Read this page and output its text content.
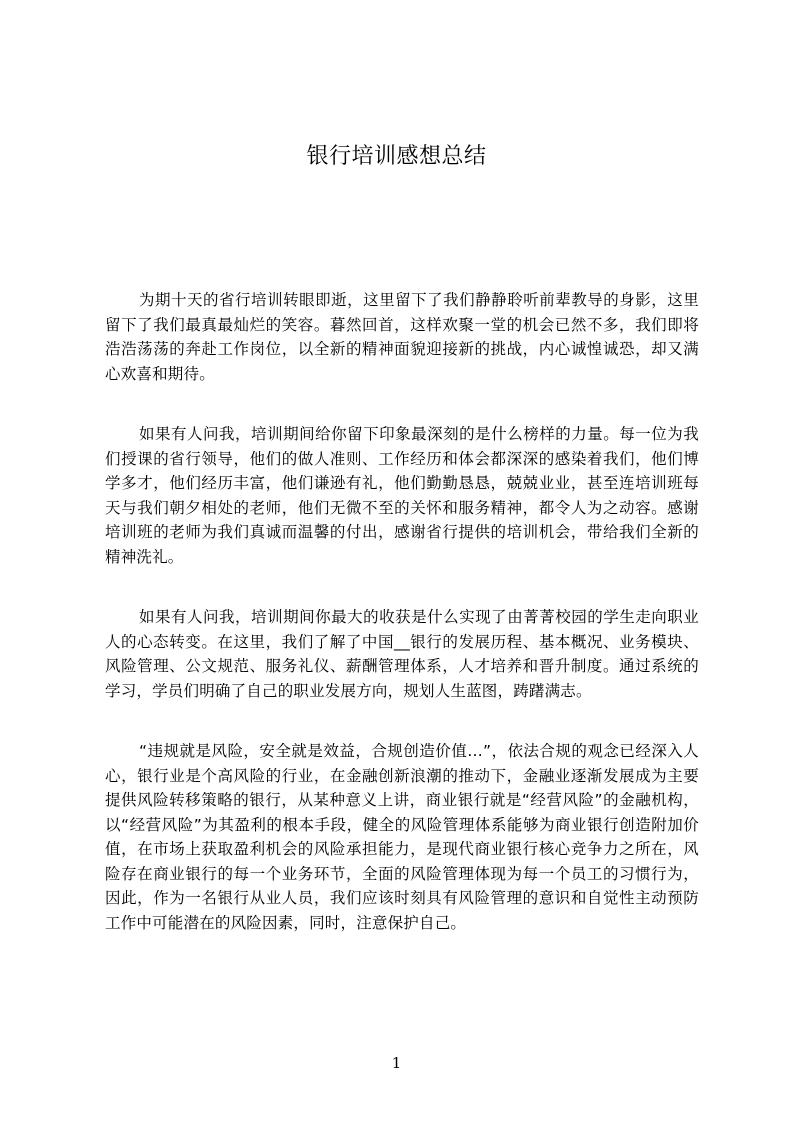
银行培训感想总结

为期十天的省行培训转眼即逝，这里留下了我们静静聆听前辈教导的身影，这里留下了我们最真最灿烂的笑容。暮然回首，这样欢聚一堂的机会已然不多，我们即将浩浩荡荡的奔赴工作岗位，以全新的精神面貌迎接新的挑战，内心诚惶诚恐，却又满心欢喜和期待。

如果有人问我，培训期间给你留下印象最深刻的是什么榜样的力量。每一位为我们授课的省行领导，他们的做人准则、工作经历和体会都深深的感染着我们，他们博学多才，他们经历丰富，他们谦逊有礼，他们勤勤恳恳，兢兢业业，甚至连培训班每天与我们朝夕相处的老师，他们无微不至的关怀和服务精神，都令人为之动容。感谢培训班的老师为我们真诚而温馨的付出，感谢省行提供的培训机会，带给我们全新的精神洗礼。

如果有人问我，培训期间你最大的收获是什么实现了由菁菁校园的学生走向职业人的心态转变。在这里，我们了解了中国__银行的发展历程、基本概况、业务模块、风险管理、公文规范、服务礼仪、薪酬管理体系，人才培养和晋升制度。通过系统的学习，学员们明确了自己的职业发展方向，规划人生蓝图，踌躇满志。

“违规就是风险，安全就是效益，合规创造价值…”，依法合规的观念已经深入人心，银行业是个高风险的行业，在金融创新浪潮的推动下，金融业逐渐发展成为主要提供风险转移策略的银行，从某种意义上讲，商业银行就是“经营风险”的金融机构，以“经营风险”为其盈利的根本手段，健全的风险管理体系能够为商业银行创造附加价值，在市场上获取盈利机会的风险承担能力，是现代商业银行核心竞争力之所在，风险存在商业银行的每一个业务环节，全面的风险管理体现为每一个员工的习惯行为，因此，作为一名银行从业人员，我们应该时刻具有风险管理的意识和自觉性主动预防工作中可能潜在的风险因素，同时，注意保护自己。

1
